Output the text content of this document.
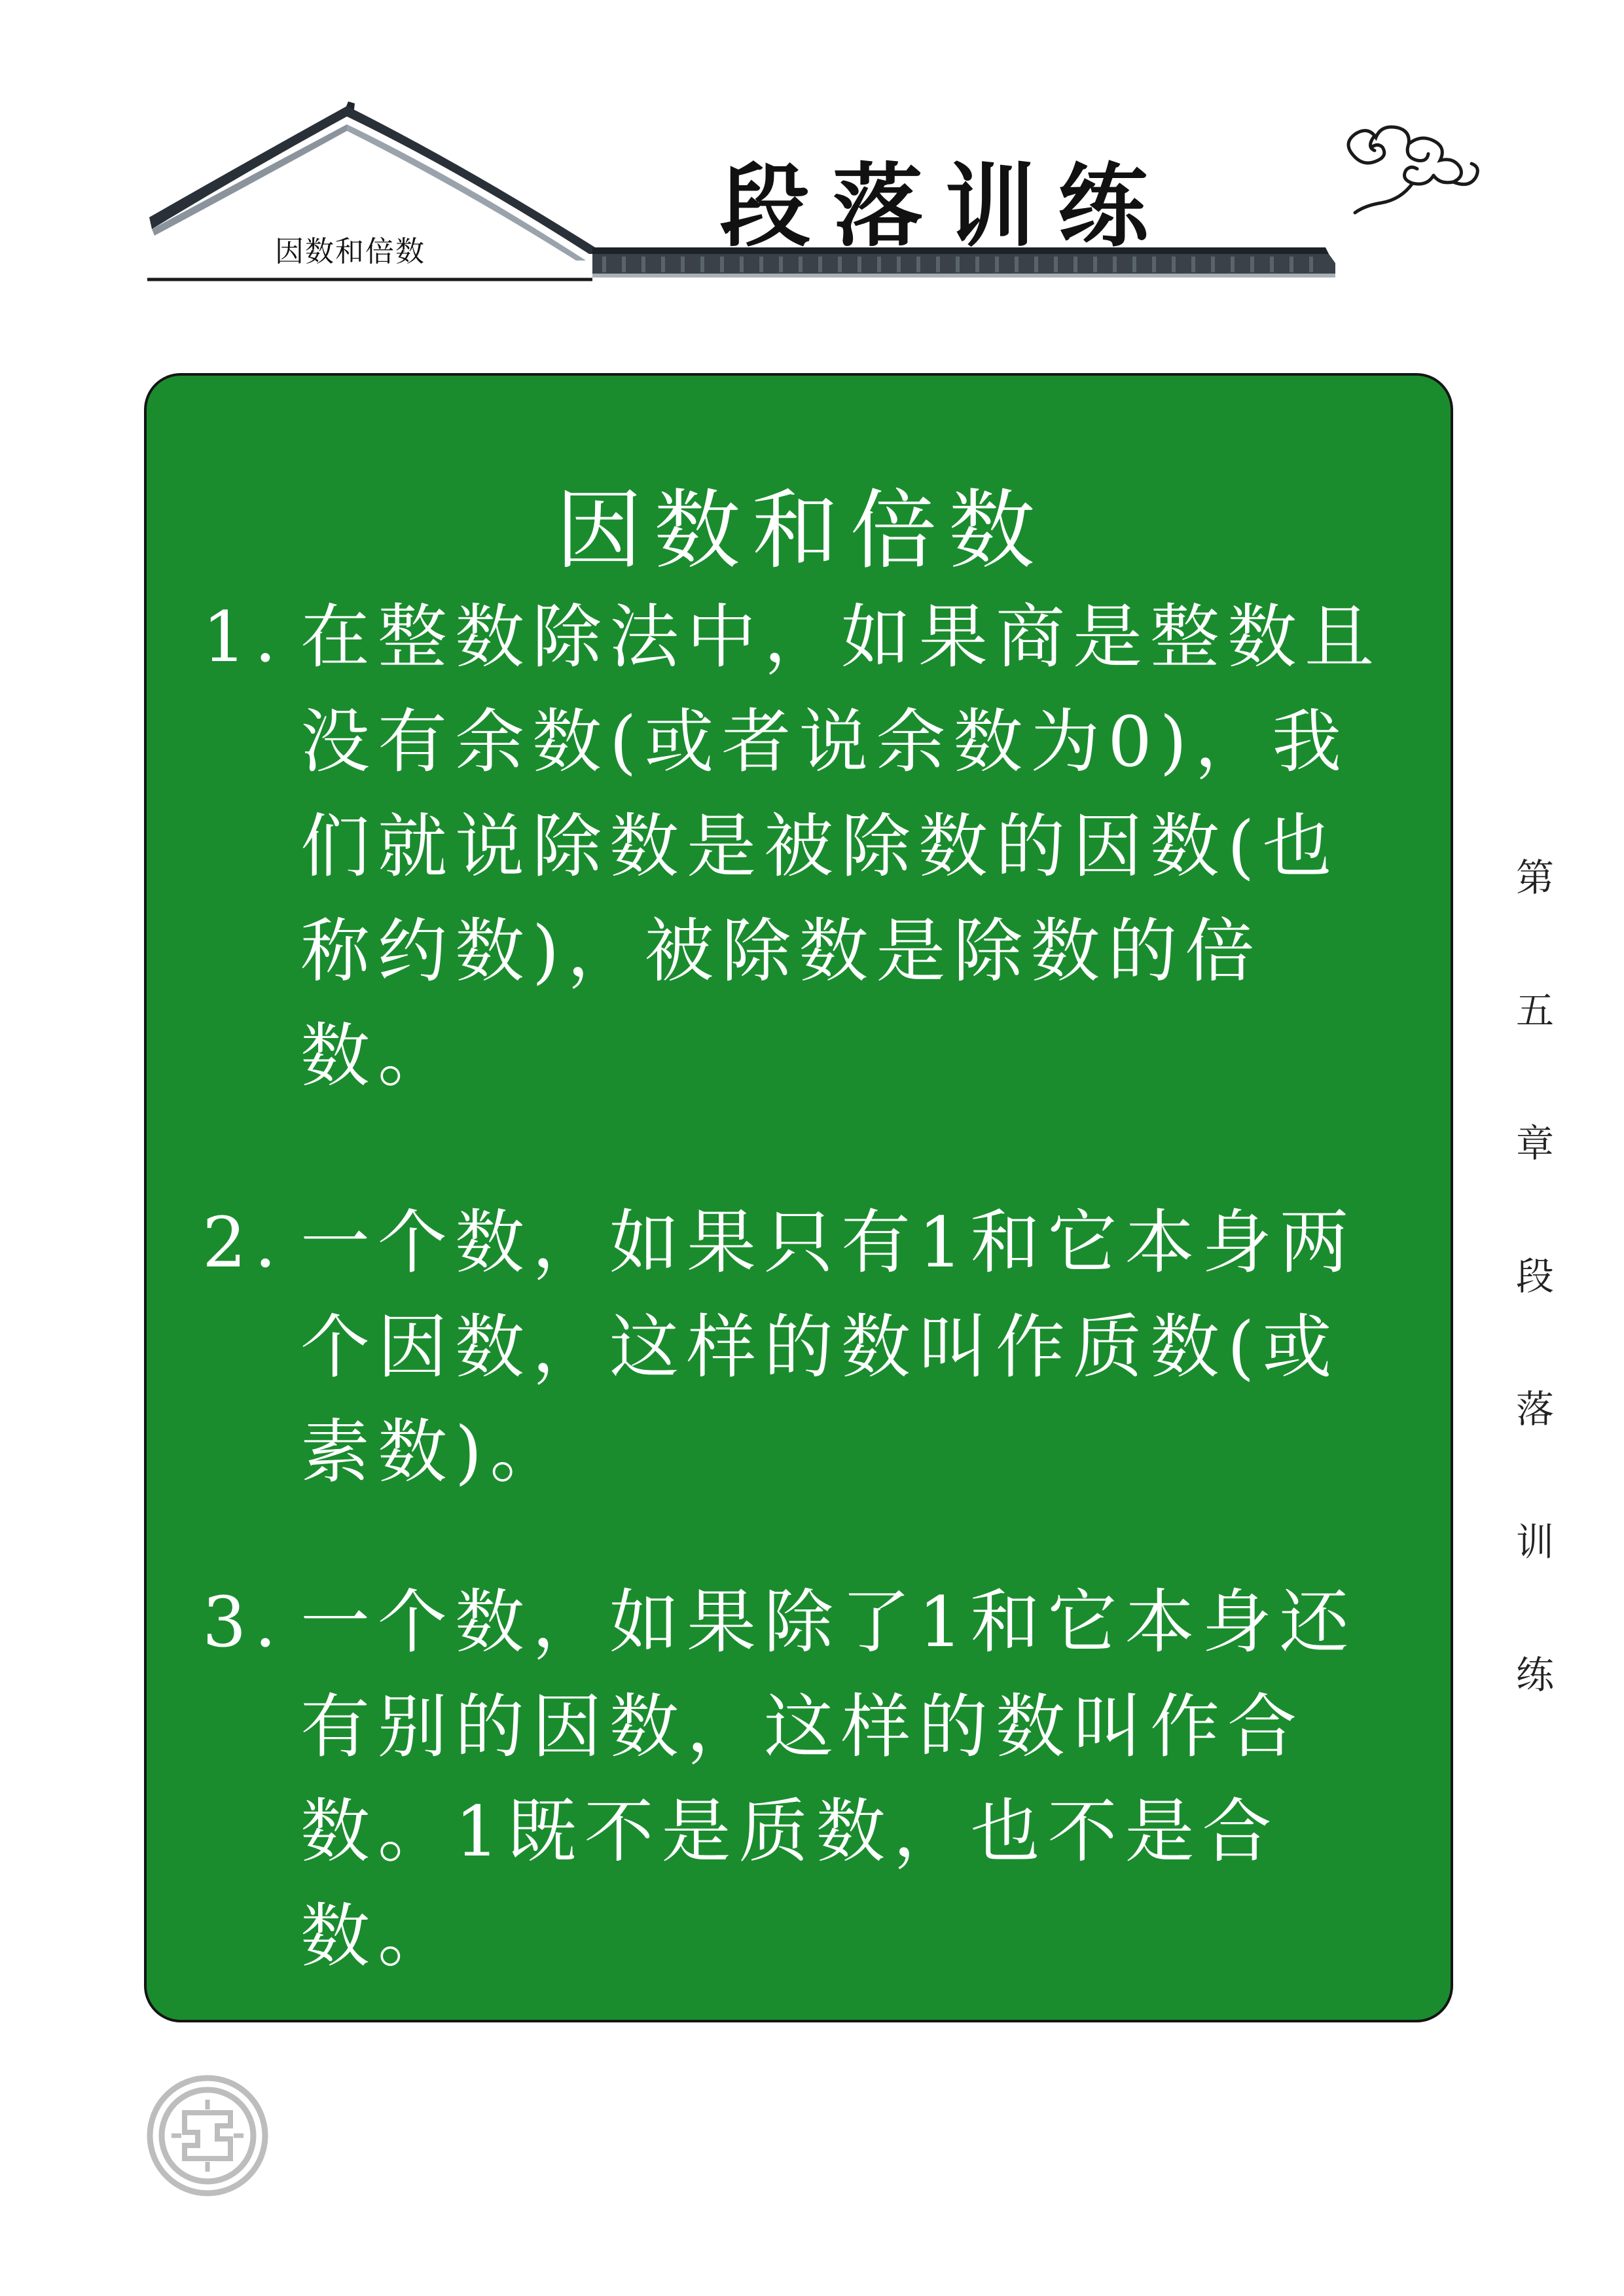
因数和倍数	段落训练
因数和倍数
1. 在整数除法中，如果商是整数且没有余数(或者说余数为0)，我们就说除数是被除数的因数(也称约数)，被除数是除数的倍数。
2. 一个数，如果只有1和它本身两个因数，这样的数叫作质数(或素数)。
3. 一个数，如果除了1和它本身还有别的因数，这样的数叫作合数。1既不是质数，也不是合数。
第
五
章
段
落
训
练
